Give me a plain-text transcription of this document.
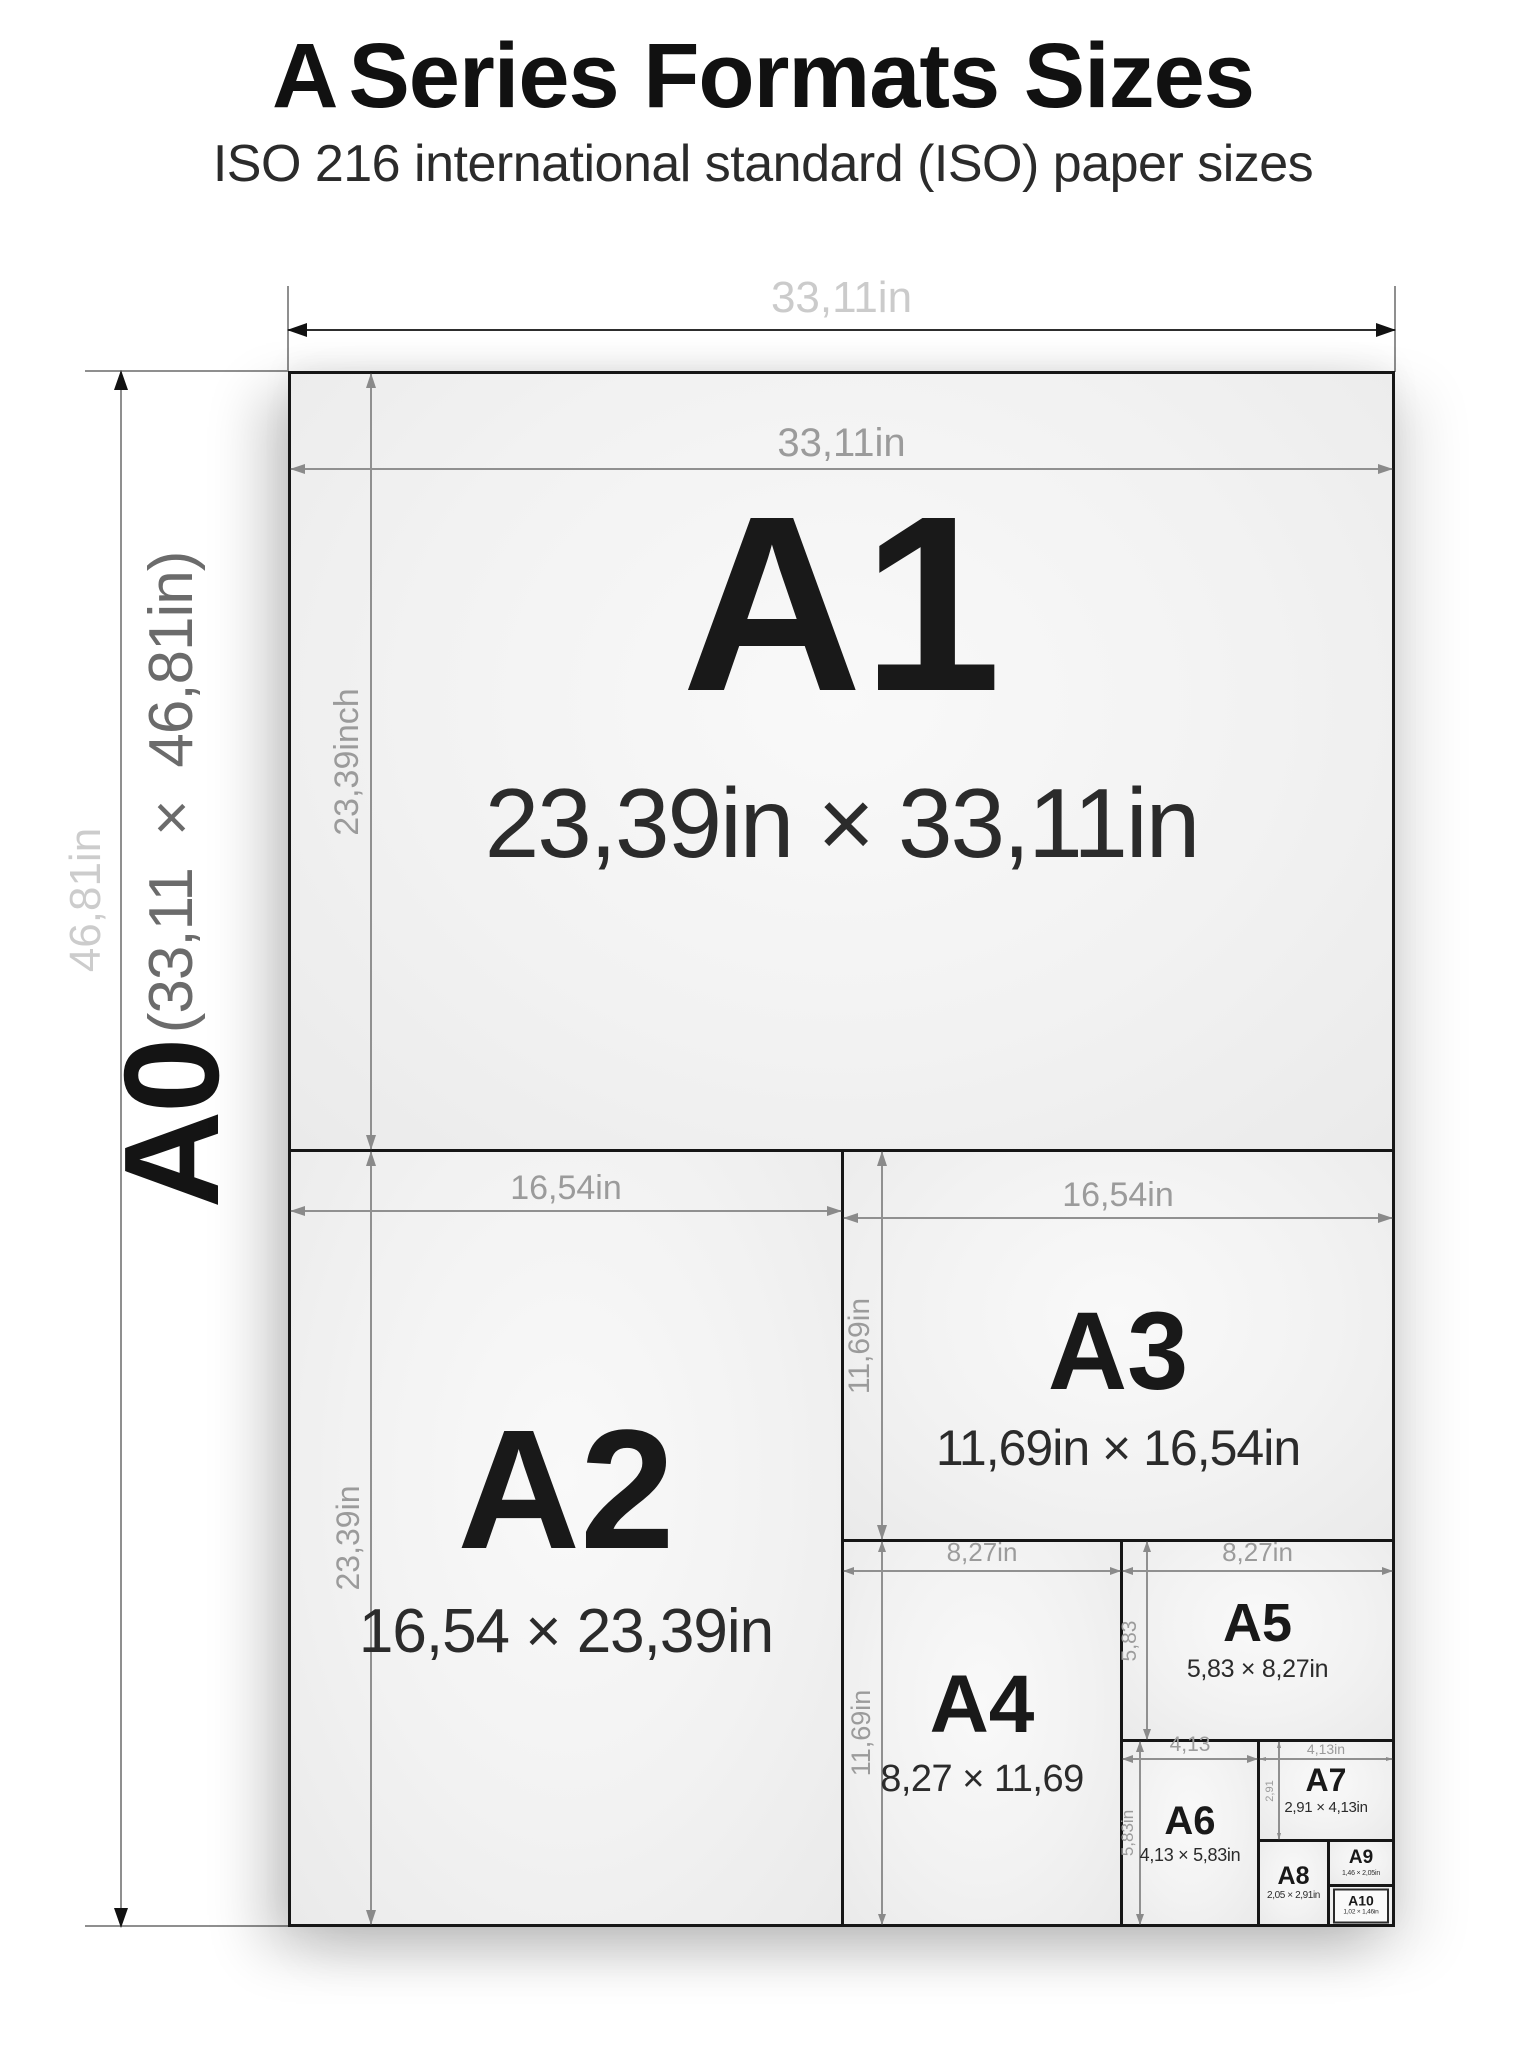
A Series Formats Sizes
ISO 216 international standard (ISO) paper sizes
33,11in
46,81in
A0(33,11 × 46,81in)
33,11in
23,39inch
A1
23,39in × 33,11in
16,54in
23,39in A2
16,54 × 23,39in
16,54in
11,69in A3
11,69in × 16,54in
8,27in
11,69in A4
8,27 × 11,69
8,27in
5,83 A5
5,83 × 8,27in
4,13
5,83in A6
4,13 × 5,83in
4,13in
2,91 A7
2,91 × 4,13in
A8
2,05 × 2,91in
A9
1,46 × 2,05in
A10
1,02 × 1,46in
